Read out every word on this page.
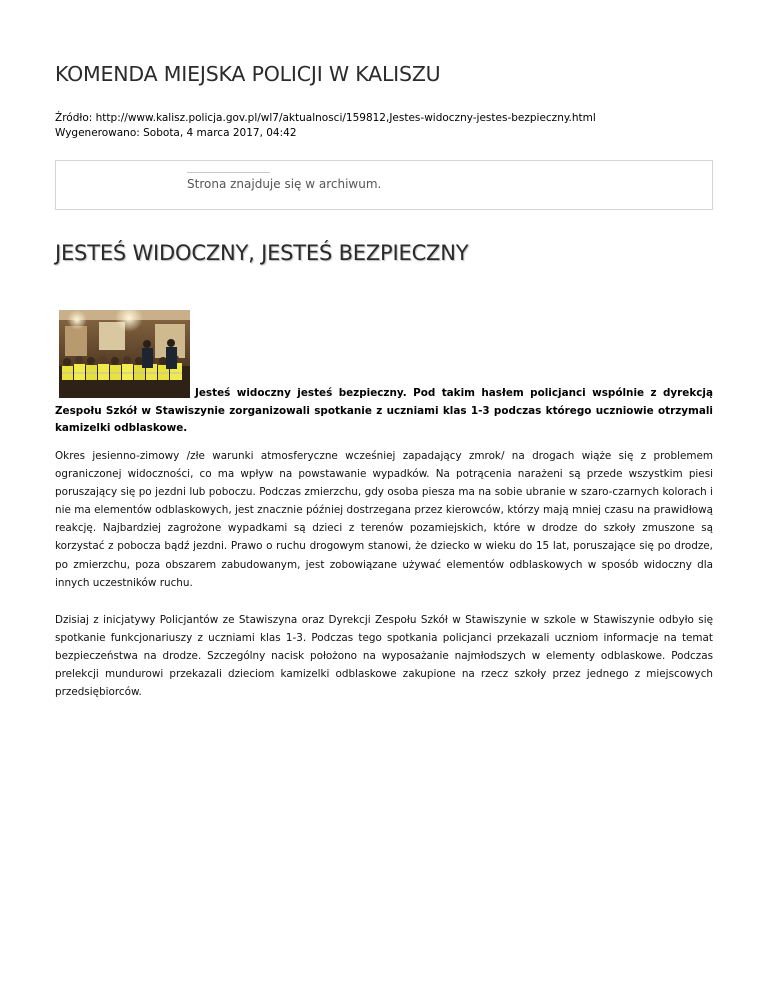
KOMENDA MIEJSKA POLICJI W KALISZU
Źródło: http://www.kalisz.policja.gov.pl/wl7/aktualnosci/159812,Jestes-widoczny-jestes-bezpieczny.html
Wygenerowano: Sobota, 4 marca 2017, 04:42
Strona znajduje się w archiwum.
JESTEŚ WIDOCZNY, JESTEŚ BEZPIECZNY

Jesteś widoczny jesteś bezpieczny. Pod takim hasłem policjanci wspólnie z dyrekcją Zespołu Szkół w Stawiszynie zorganizowali spotkanie z uczniami klas 1-3 podczas którego uczniowie otrzymali kamizelki odblaskowe.

Okres jesienno-zimowy /złe warunki atmosferyczne wcześniej zapadający zmrok/ na drogach wiąże się z problemem ograniczonej widoczności, co ma wpływ na powstawanie wypadków. Na potrącenia narażeni są przede wszystkim piesi poruszający się po jezdni lub poboczu. Podczas zmierzchu, gdy osoba piesza ma na sobie ubranie w szaro-czarnych kolorach i nie ma elementów odblaskowych, jest znacznie później dostrzegana przez kierowców, którzy mają mniej czasu na prawidłową reakcję. Najbardziej zagrożone wypadkami są dzieci z terenów pozamiejskich, które w drodze do szkoły zmuszone są korzystać z pobocza bądź jezdni. Prawo o ruchu drogowym stanowi, że dziecko w wieku do 15 lat, poruszające się po drodze, po zmierzchu, poza obszarem zabudowanym, jest zobowiązane używać elementów odblaskowych w sposób widoczny dla innych uczestników ruchu.

Dzisiaj z inicjatywy Policjantów ze Stawiszyna oraz Dyrekcji Zespołu Szkół w Stawiszynie w szkole w Stawiszynie odbyło się spotkanie funkcjonariuszy z uczniami klas 1-3. Podczas tego spotkania policjanci przekazali uczniom informacje na temat bezpieczeństwa na drodze. Szczególny nacisk położono na wyposażanie najmłodszych w elementy odblaskowe. Podczas prelekcji mundurowi przekazali dzieciom kamizelki odblaskowe zakupione na rzecz szkoły przez jednego z miejscowych przedsiębiorców.
